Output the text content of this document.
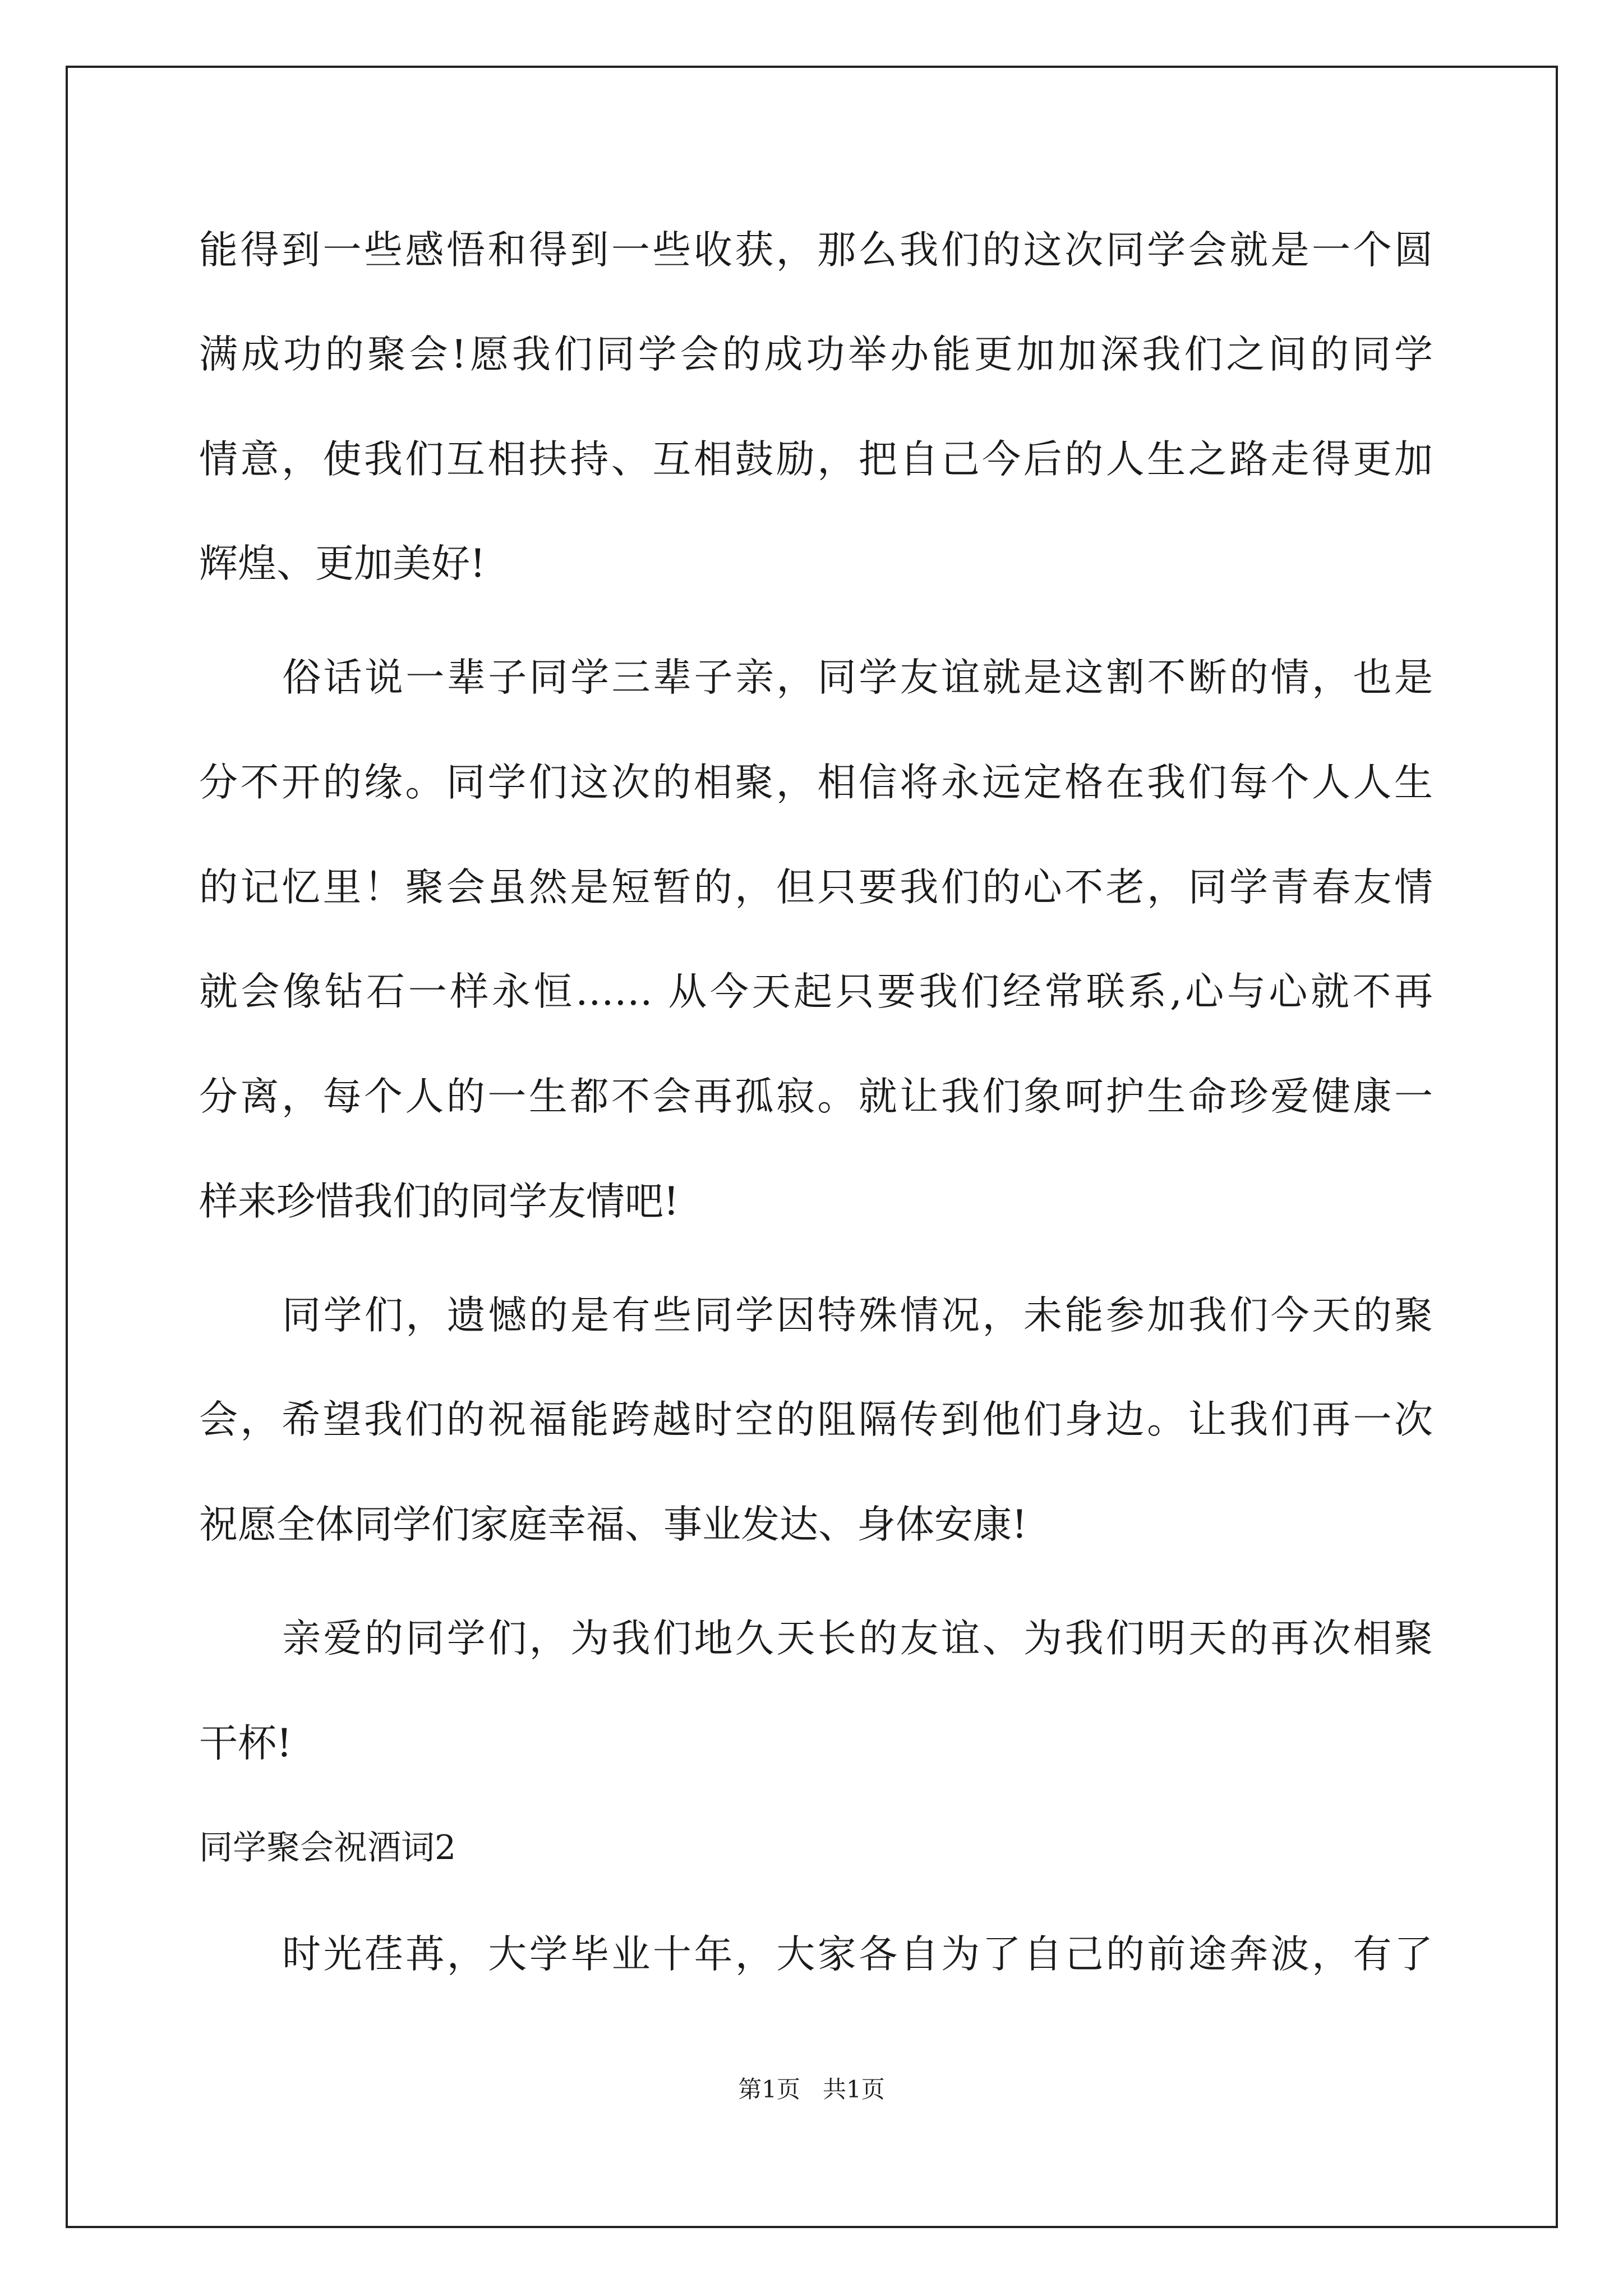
能得到一些感悟和得到一些收获，那么我们的这次同学会就是一个圆

满成功的聚会!愿我们同学会的成功举办能更加加深我们之间的同学

情意，使我们互相扶持、互相鼓励，把自己今后的人生之路走得更加

辉煌、更加美好!

俗话说一辈子同学三辈子亲，同学友谊就是这割不断的情，也是

分不开的缘。同学们这次的相聚，相信将永远定格在我们每个人人生

的记忆里！聚会虽然是短暂的，但只要我们的心不老，同学青春友情

就会像钻石一样永恒…… 从今天起只要我们经常联系,心与心就不再

分离，每个人的一生都不会再孤寂。就让我们象呵护生命珍爱健康一

样来珍惜我们的同学友情吧!

同学们，遗憾的是有些同学因特殊情况，未能参加我们今天的聚

会，希望我们的祝福能跨越时空的阻隔传到他们身边。让我们再一次

祝愿全体同学们家庭幸福、事业发达、身体安康!

亲爱的同学们，为我们地久天长的友谊、为我们明天的再次相聚

干杯!

同学聚会祝酒词2

时光荏苒，大学毕业十年，大家各自为了自己的前途奔波，有了

第1页   共1页
